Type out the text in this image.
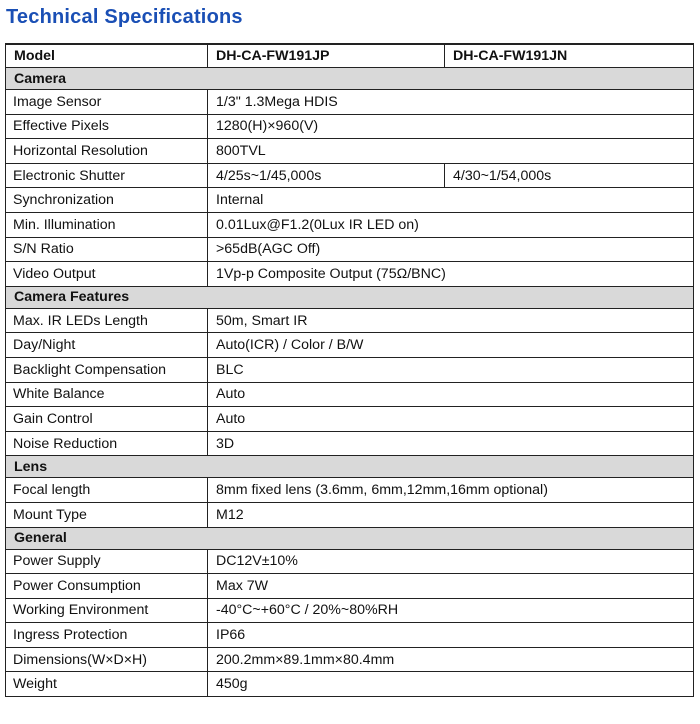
Technical Specifications
Model	DH-CA-FW191JP	DH-CA-FW191JN
Camera		
Image Sensor	1/3" 1.3Mega HDIS	
Effective Pixels	1280(H)×960(V)	
Horizontal Resolution	800TVL	
Electronic Shutter	4/25s~1/45,000s	4/30~1/54,000s
Synchronization	Internal	
Min. Illumination	0.01Lux@F1.2(0Lux IR LED on)	
S/N Ratio	>65dB(AGC Off)	
Video Output	1Vp-p Composite Output (75Ω/BNC)	
Camera Features		
Max. IR LEDs Length	50m, Smart IR	
Day/Night	Auto(ICR) / Color / B/W	
Backlight Compensation	BLC	
White Balance	Auto	
Gain Control	Auto	
Noise Reduction	3D	
Lens		
Focal length	8mm fixed lens (3.6mm, 6mm,12mm,16mm optional)	
Mount Type	M12	
General		
Power Supply	DC12V±10%	
Power Consumption	Max 7W	
Working Environment	-40°C~+60°C / 20%~80%RH	
Ingress Protection	IP66	
Dimensions(W×D×H)	200.2mm×89.1mm×80.4mm	
Weight	450g	
